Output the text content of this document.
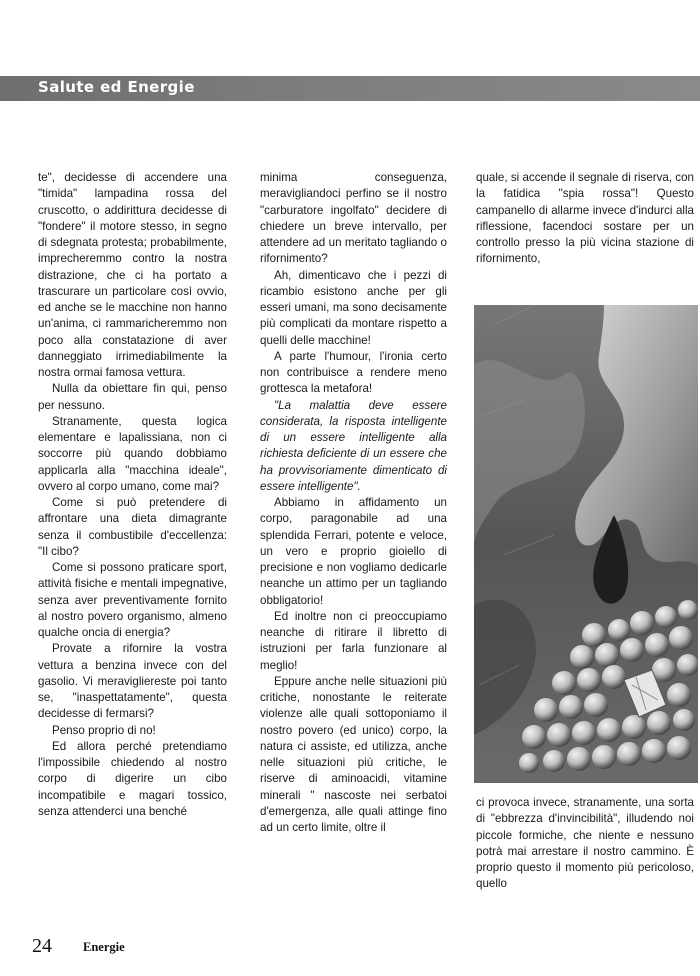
Salute ed Energie

te", decidesse di accendere una "timida" lampadina rossa del cruscotto, o addirittura decidesse di "fondere" il motore stesso, in segno di sdegnata protesta; probabilmente, imprecheremmo contro la nostra distrazione, che ci ha portato a trascurare un particolare così ovvio, ed anche se le macchine non hanno un'anima, ci rammaricheremmo non poco alla constatazione di aver danneggiato irrimediabilmente la nostra ormai famosa vettura.

Nulla da obiettare fin qui, penso per nessuno.

Stranamente, questa logica elementare e lapalissiana, non ci soccorre più quando dobbiamo applicarla alla "macchina ideale", ovvero al corpo umano, come mai?

Come si può pretendere di affrontare una dieta dimagrante senza il combustibile d'eccellenza: "Il cibo?

Come si possono praticare sport, attività fisiche e mentali impegnative, senza aver preventivamente fornito al nostro povero organismo, almeno qualche oncia di energia?

Provate a rifornire la vostra vettura a benzina invece con del gasolio. Vi meravigliereste poi tanto se, "inaspettatamente", questa decidesse di fermarsi?

Penso proprio di no!

Ed allora perché pretendiamo l'impossibile chiedendo al nostro corpo di digerire un cibo incompatibile e magari tossico, senza attenderci una benché

minima conseguenza, meravigliandoci perfino se il nostro "carburatore ingolfato" decidere di chiedere un breve intervallo, per attendere ad un meritato tagliando o rifornimento?

Ah, dimenticavo che i pezzi di ricambio esistono anche per gli esseri umani, ma sono decisamente più complicati da montare rispetto a quelli delle macchine!

A parte l'humour, l'ironia certo non contribuisce a rendere meno grottesca la metafora!

"La malattia deve essere considerata, la risposta intelligente di un essere intelligente alla richiesta deficiente di un essere che ha provvisoriamente dimenticato di essere intelligente".

Abbiamo in affidamento un corpo, paragonabile ad una splendida Ferrari, potente e veloce, un vero e proprio gioiello di precisione e non vogliamo dedicarle neanche un attimo per un tagliando obbligatorio!

Ed inoltre non ci preoccupiamo neanche di ritirare il libretto di istruzioni per farla funzionare al meglio!

Eppure anche nelle situazioni più critiche, nonostante le reiterate violenze alle quali sottoponiamo il nostro povero (ed unico) corpo, la natura ci assiste, ed utilizza, anche nelle situazioni più critiche, le riserve di aminoacidi, vitamine minerali " nascoste nei serbatoi d'emergenza, alle quali attinge fino ad un certo limite, oltre il

quale, si accende il segnale di riserva, con la fatidica "spia rossa"! Questo campanello di allarme invece d'indurci alla riflessione, facendoci sostare per un controllo presso la più vicina stazione di rifornimento,

ci provoca invece, stranamente, una sorta di "ebbrezza d'invincibilità", illudendo noi piccole formiche, che niente e nessuno potrà mai arrestare il nostro cammino. È proprio questo il momento più pericoloso, quello

24 Energie
